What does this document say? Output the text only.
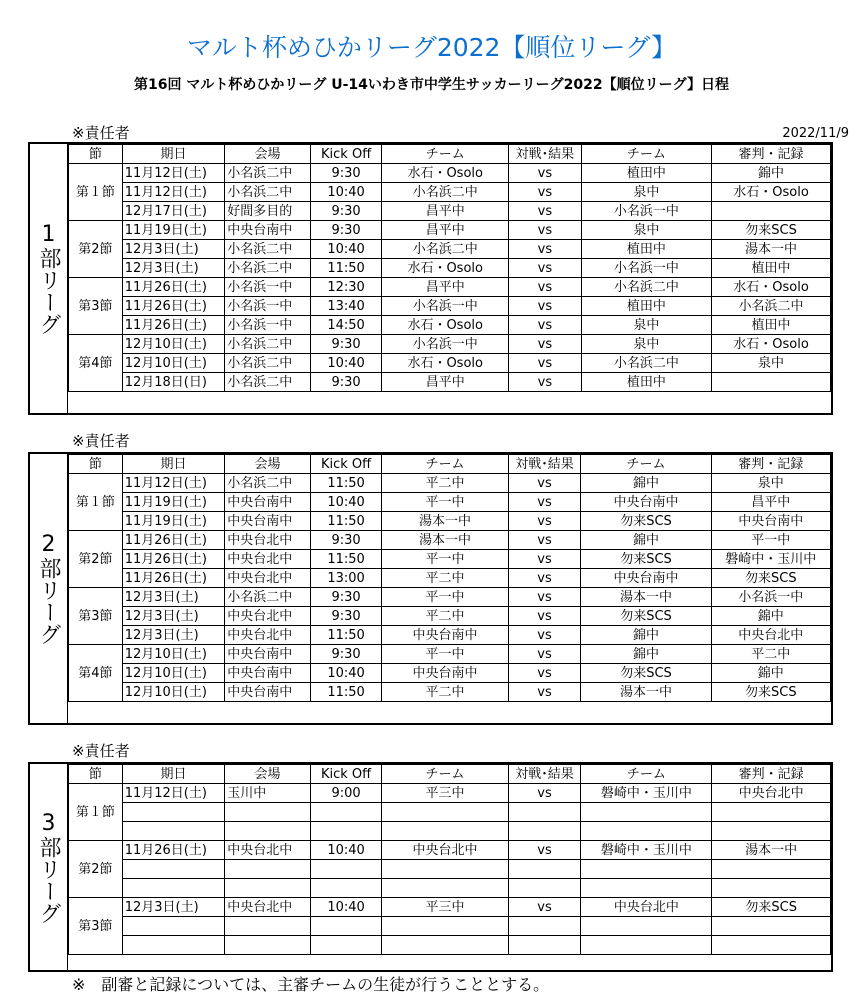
マルト杯めひかリーグ2022【順位リーグ】
第16回 マルト杯めひかリーグ U-14いわき市中学生サッカーリーグ2022【順位リーグ】日程
※責任者	2022/11/9
1部リーグ
節	期日	会場	Kick Off	チーム	対戦･結果	チーム	審判・記録
第１節	11月12日(土)	小名浜二中	9:30	水石・Osolo	vs	植田中	錦中
	11月12日(土)	小名浜二中	10:40	小名浜二中	vs	泉中	水石・Osolo
	12月17日(土)	好間多目的	9:30	昌平中	vs	小名浜一中	
第2節	11月19日(土)	中央台南中	9:30	昌平中	vs	泉中	勿来SCS
	12月3日(土)	小名浜二中	10:40	小名浜二中	vs	植田中	湯本一中
	12月3日(土)	小名浜二中	11:50	水石・Osolo	vs	小名浜一中	植田中
第3節	11月26日(土)	小名浜一中	12:30	昌平中	vs	小名浜二中	水石・Osolo
	11月26日(土)	小名浜一中	13:40	小名浜一中	vs	植田中	小名浜二中
	11月26日(土)	小名浜一中	14:50	水石・Osolo	vs	泉中	植田中
第4節	12月10日(土)	小名浜二中	9:30	小名浜一中	vs	泉中	水石・Osolo
	12月10日(土)	小名浜二中	10:40	水石・Osolo	vs	小名浜二中	泉中
	12月18日(日)	小名浜二中	9:30	昌平中	vs	植田中	
※責任者
2部リーグ
節	期日	会場	Kick Off	チーム	対戦･結果	チーム	審判・記録
第１節	11月12日(土)	小名浜二中	11:50	平二中	vs	錦中	泉中
	11月19日(土)	中央台南中	10:40	平一中	vs	中央台南中	昌平中
	11月19日(土)	中央台南中	11:50	湯本一中	vs	勿来SCS	中央台南中
第2節	11月26日(土)	中央台北中	9:30	湯本一中	vs	錦中	平一中
	11月26日(土)	中央台北中	11:50	平一中	vs	勿来SCS	磐崎中・玉川中
	11月26日(土)	中央台北中	13:00	平二中	vs	中央台南中	勿来SCS
第3節	12月3日(土)	小名浜二中	9:30	平一中	vs	湯本一中	小名浜一中
	12月3日(土)	中央台北中	9:30	平二中	vs	勿来SCS	錦中
	12月3日(土)	中央台北中	11:50	中央台南中	vs	錦中	中央台北中
第4節	12月10日(土)	中央台南中	9:30	平一中	vs	錦中	平二中
	12月10日(土)	中央台南中	10:40	中央台南中	vs	勿来SCS	錦中
	12月10日(土)	中央台南中	11:50	平二中	vs	湯本一中	勿来SCS
※責任者
3部リーグ
節	期日	会場	Kick Off	チーム	対戦･結果	チーム	審判・記録
第１節	11月12日(土)	玉川中	9:00	平三中	vs	磐崎中・玉川中	中央台北中

第2節	11月26日(土)	中央台北中	10:40	中央台北中	vs	磐崎中・玉川中	湯本一中

第3節	12月3日(土)	中央台北中	10:40	平三中	vs	中央台北中	勿来SCS

※　副審と記録については、主審チームの生徒が行うこととする。
